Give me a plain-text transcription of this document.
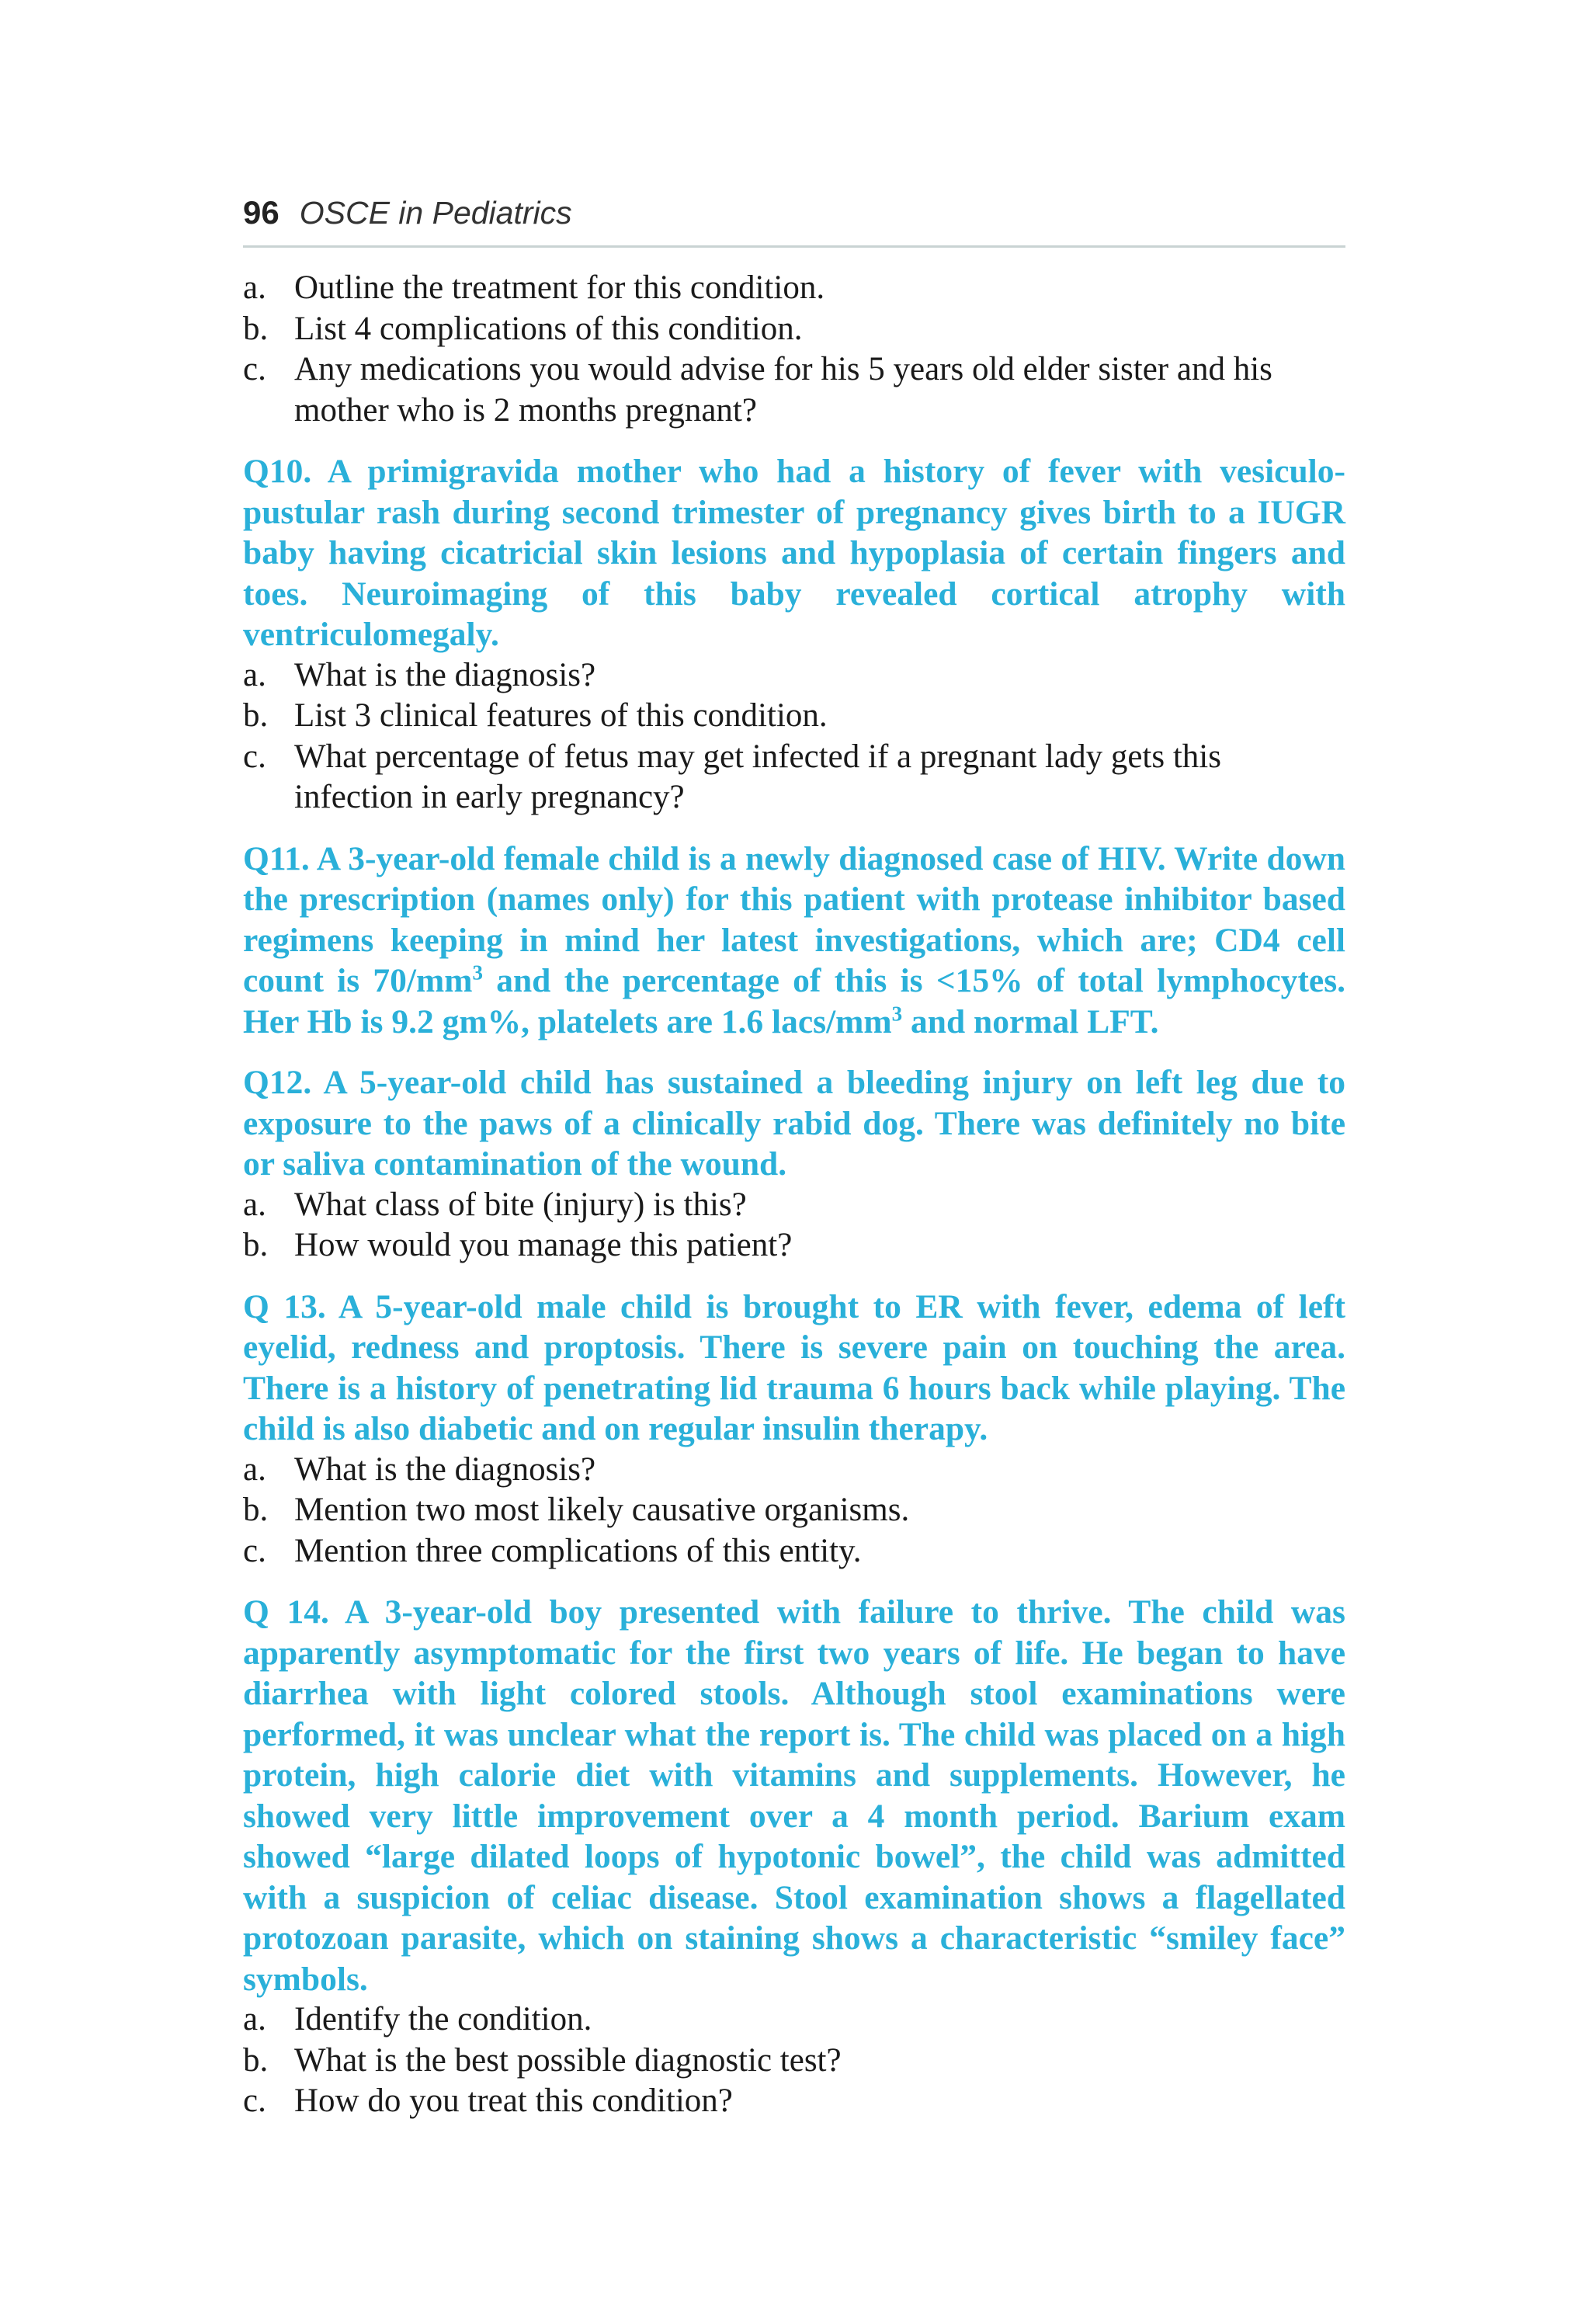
96 OSCE in Pediatrics
a. Outline the treatment for this condition.
b. List 4 complications of this condition.
c. Any medications you would advise for his 5 years old elder sister and his mother who is 2 months pregnant?

Q10. A primigravida mother who had a history of fever with vesiculo-pustular rash during second trimester of pregnancy gives birth to a IUGR baby having cicatricial skin lesions and hypoplasia of certain fingers and toes. Neuroimaging of this baby revealed cortical atrophy with ventriculomegaly.

a. What is the diagnosis?
b. List 3 clinical features of this condition.
c. What percentage of fetus may get infected if a pregnant lady gets this infection in early pregnancy?

Q11. A 3-year-old female child is a newly diagnosed case of HIV. Write down the prescription (names only) for this patient with protease inhibitor based regimens keeping in mind her latest investigations, which are; CD4 cell count is $70/mm^3$ and the percentage of this is <15% of total lymphocytes. Her Hb is 9.2 gm%, platelets are 1.6 lacs/$mm^3$ and normal LFT.

Q12. A 5-year-old child has sustained a bleeding injury on left leg due to exposure to the paws of a clinically rabid dog. There was definitely no bite or saliva contamination of the wound.

a. What class of bite (injury) is this?
b. How would you manage this patient?

Q 13. A 5-year-old male child is brought to ER with fever, edema of left eyelid, redness and proptosis. There is severe pain on touching the area. There is a history of penetrating lid trauma 6 hours back while playing. The child is also diabetic and on regular insulin therapy.

a. What is the diagnosis?
b. Mention two most likely causative organisms.
c. Mention three complications of this entity.

Q 14. A 3-year-old boy presented with failure to thrive. The child was apparently asymptomatic for the first two years of life. He began to have diarrhea with light colored stools. Although stool examinations were performed, it was unclear what the report is. The child was placed on a high protein, high calorie diet with vitamins and supplements. However, he showed very little improvement over a 4 month period. Barium exam showed “large dilated loops of hypotonic bowel”, the child was admitted with a suspicion of celiac disease. Stool examination shows a flagellated protozoan parasite, which on staining shows a characteristic “smiley face” symbols.

a. Identify the condition.
b. What is the best possible diagnostic test?
c. How do you treat this condition?
